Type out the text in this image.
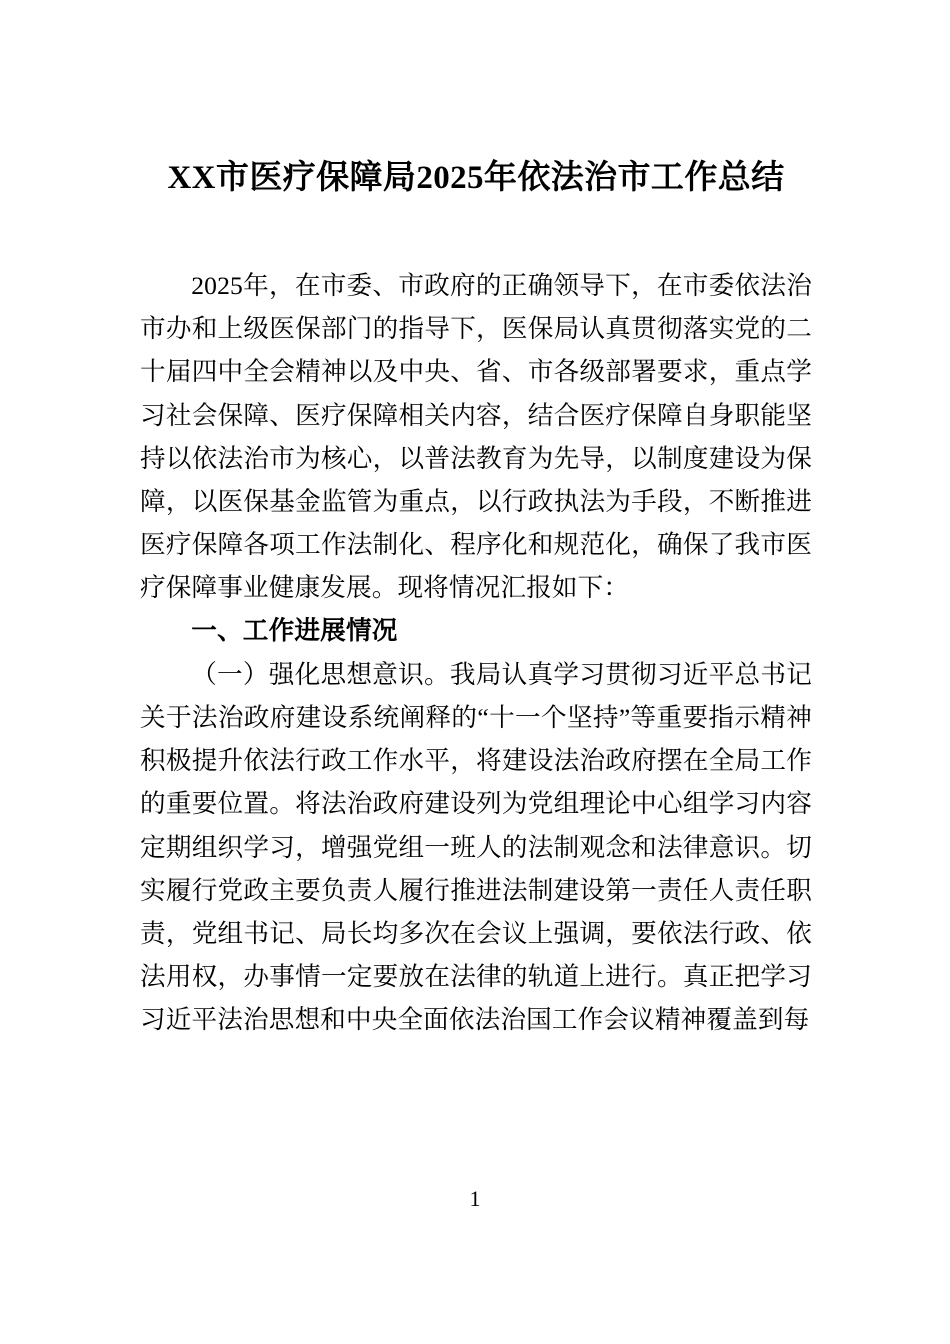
XX市医疗保障局2025年依法治市工作总结

2025年，在市委、市政府的正确领导下，在市委依法治市办和上级医保部门的指导下，医保局认真贯彻落实党的二十届四中全会精神以及中央、省、市各级部署要求，重点学习社会保障、医疗保障相关内容，结合医疗保障自身职能坚持以依法治市为核心，以普法教育为先导，以制度建设为保障，以医保基金监管为重点，以行政执法为手段，不断推进医疗保障各项工作法制化、程序化和规范化，确保了我市医疗保障事业健康发展。现将情况汇报如下：

一、工作进展情况

（一）强化思想意识。我局认真学习贯彻习近平总书记关于法治政府建设系统阐释的“十一个坚持”等重要指示精神积极提升依法行政工作水平，将建设法治政府摆在全局工作的重要位置。将法治政府建设列为党组理论中心组学习内容定期组织学习，增强党组一班人的法制观念和法律意识。切实履行党政主要负责人履行推进法制建设第一责任人责任职责，党组书记、局长均多次在会议上强调，要依法行政、依法用权，办事情一定要放在法律的轨道上进行。真正把学习习近平法治思想和中央全面依法治国工作会议精神覆盖到每

1
